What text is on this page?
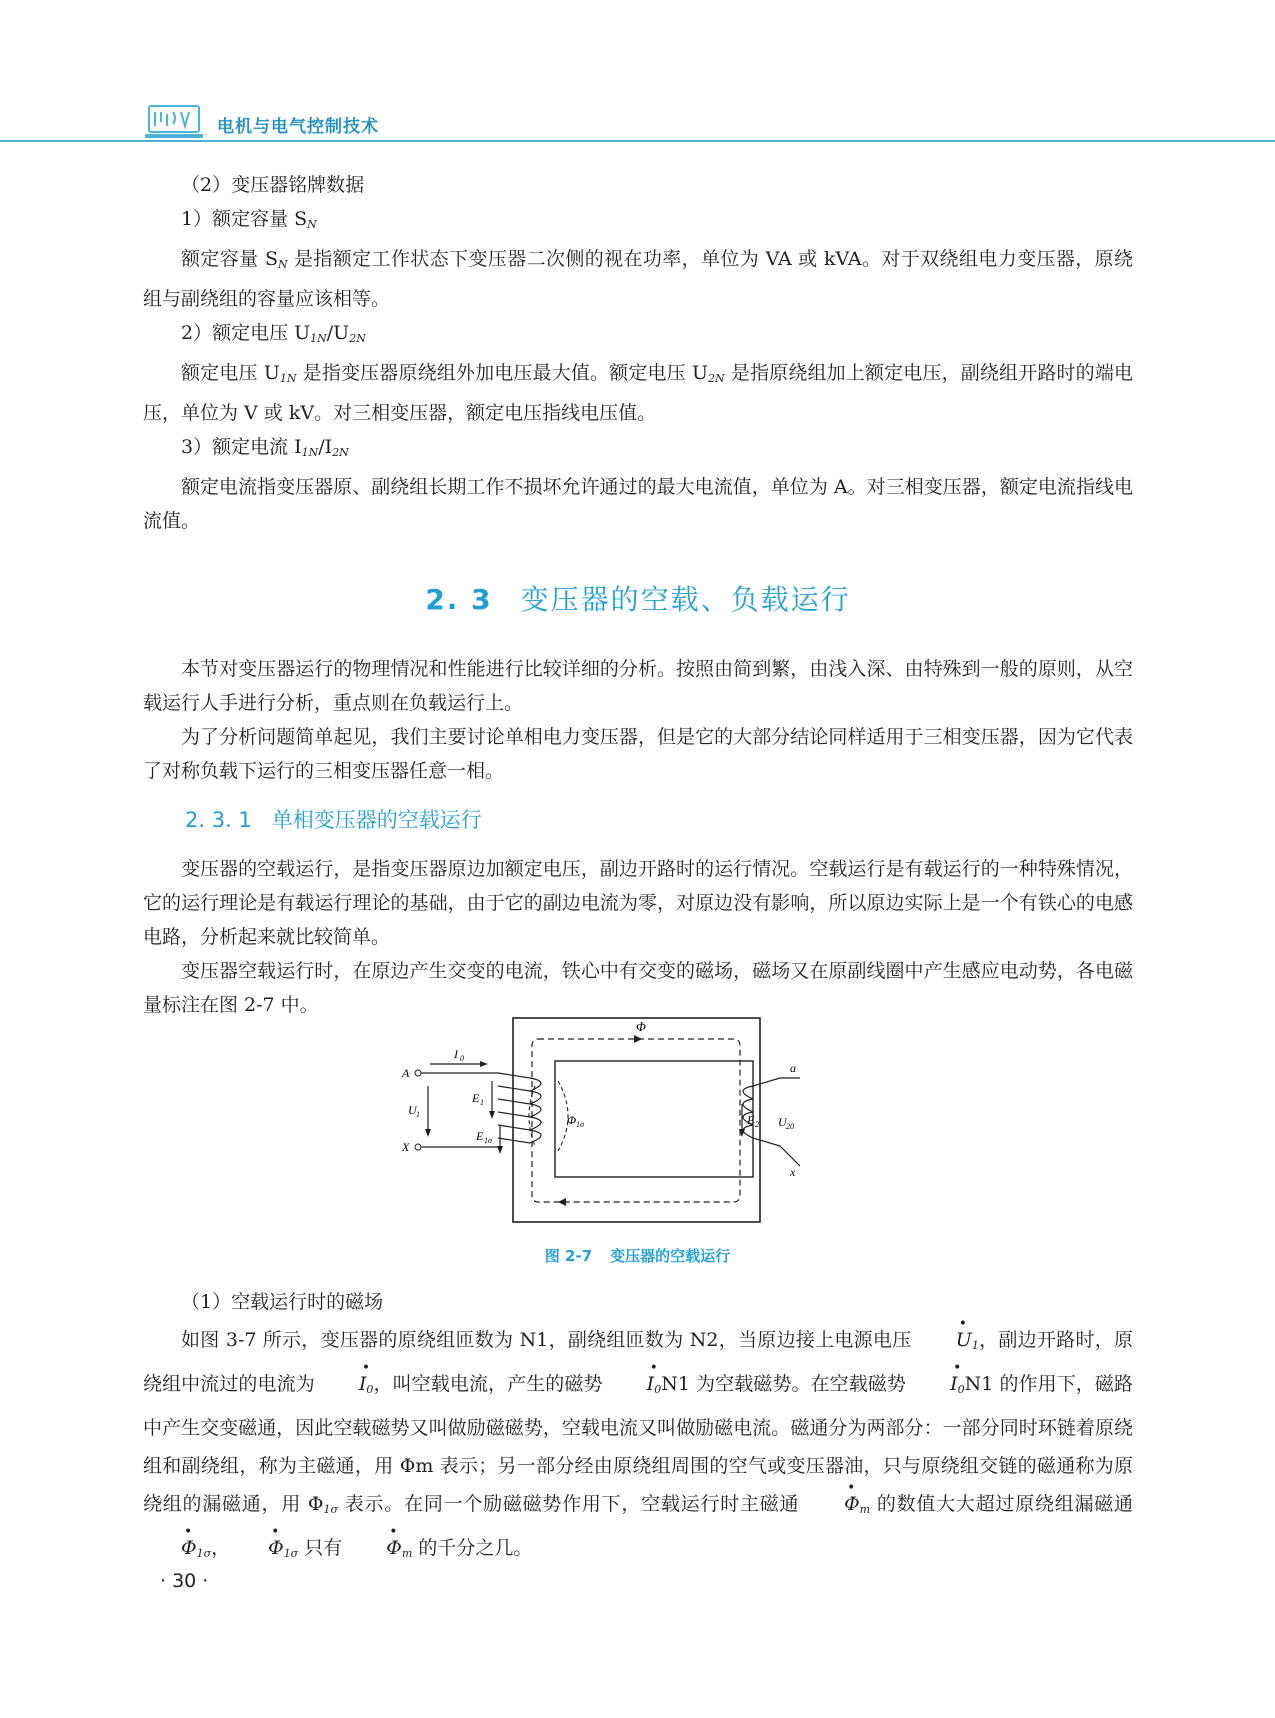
电机与电气控制技术

（2）变压器铭牌数据

1）额定容量 SN

额定容量 SN 是指额定工作状态下变压器二次侧的视在功率，单位为 VA 或 kVA。对于双绕组电力变压器，原绕组与副绕组的容量应该相等。

2）额定电压 U1N/U2N

额定电压 U1N 是指变压器原绕组外加电压最大值。额定电压 U2N 是指原绕组加上额定电压，副绕组开路时的端电压，单位为 V 或 kV。对三相变压器，额定电压指线电压值。

3）额定电流 I1N/I2N

额定电流指变压器原、副绕组长期工作不损坏允许通过的最大电流值，单位为 A。对三相变压器，额定电流指线电流值。

2. 3 变压器的空载、负载运行

本节对变压器运行的物理情况和性能进行比较详细的分析。按照由简到繁，由浅入深、由特殊到一般的原则，从空载运行人手进行分析，重点则在负载运行上。

为了分析问题简单起见，我们主要讨论单相电力变压器，但是它的大部分结论同样适用于三相变压器，因为它代表了对称负载下运行的三相变压器任意一相。

2. 3. 1 单相变压器的空载运行

变压器的空载运行，是指变压器原边加额定电压，副边开路时的运行情况。空载运行是有载运行的一种特殊情况，它的运行理论是有载运行理论的基础，由于它的副边电流为零，对原边没有影响，所以原边实际上是一个有铁心的电感电路，分析起来就比较简单。

变压器空载运行时，在原边产生交变的电流，铁心中有交变的磁场，磁场又在原副线圈中产生感应电动势，各电磁量标注在图 2-7 中。

Φ
I 0
A
X
U 1
E 1
E 1σ
Φ 1σ	E 2 U 20
a
x
图 2-7 变压器的空载运行

（1）空载运行时的磁场

如图 3-7 所示，变压器的原绕组匝数为 N1，副绕组匝数为 N2，当原边接上电源电压 • U1，副边开路时，原绕组中流过的电流为 • I0，叫空载电流，产生的磁势 • I0N1 为空载磁势。在空载磁势 • I0N1 的作用下，磁路中产生交变磁通，因此空载磁势又叫做励磁磁势，空载电流又叫做励磁电流。磁通分为两部分：一部分同时环链着原绕组和副绕组，称为主磁通，用 Φm 表示；另一部分经由原绕组周围的空气或变压器油，只与原绕组交链的磁通称为原绕组的漏磁通，用 Φ1σ 表示。在同一个励磁磁势作用下，空载运行时主磁通 • Φm 的数值大大超过原绕组漏磁通 • Φ1σ，• Φ1σ 只有 • Φm 的千分之几。

· 30 ·
